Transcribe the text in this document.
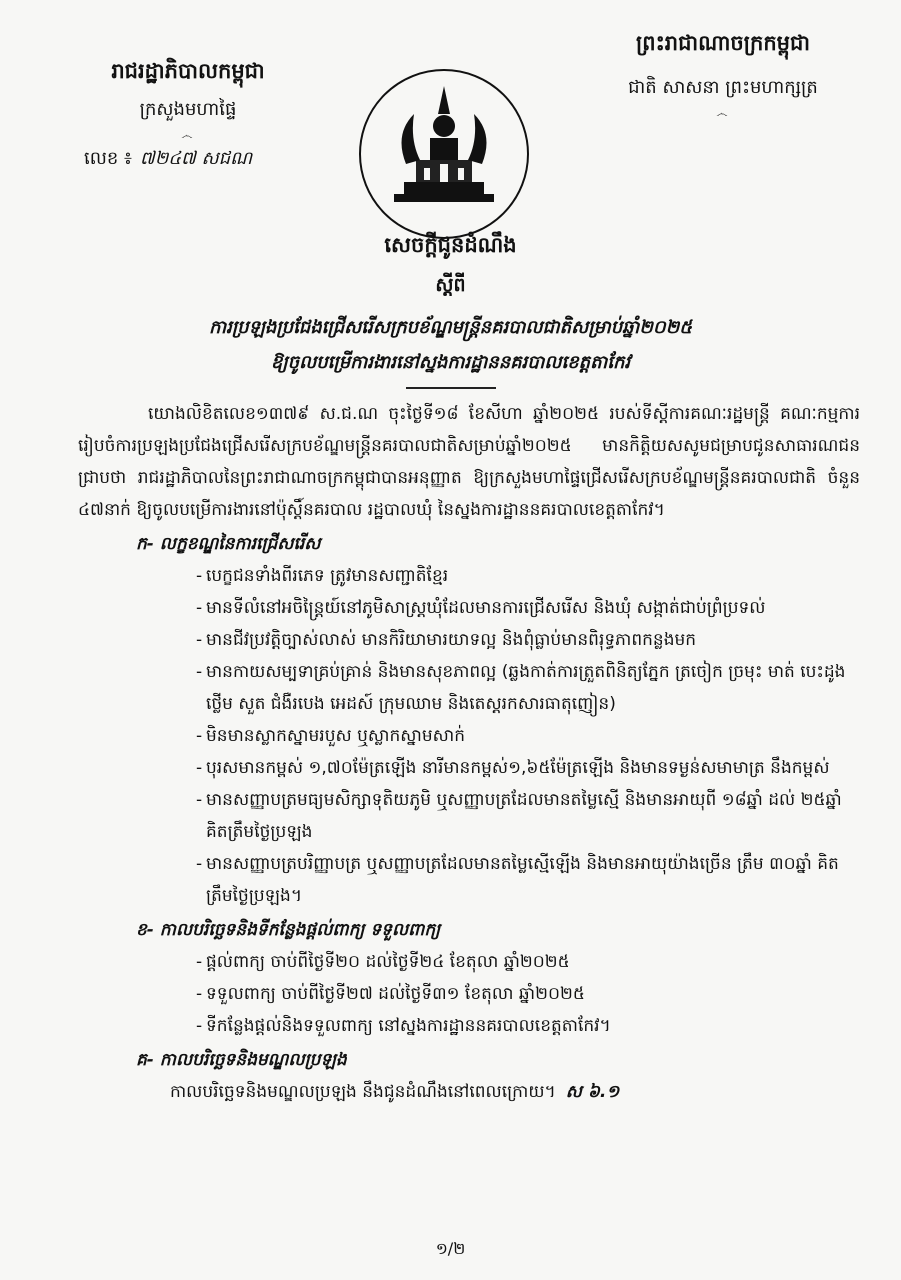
រាជរដ្ឋាភិបាលកម្ពុជា
ក្រសួងមហាផ្ទៃ
෴
លេខ ៖ ៧២៤៧ សជណ
ព្រះរាជាណាចក្រកម្ពុជា
ជាតិ សាសនា ព្រះមហាក្សត្រ
෴
សេចក្តីជូនដំណឹង
ស្តីពី
ការប្រឡងប្រជែងជ្រើសរើសក្របខ័ណ្ឌមន្ត្រីនគរបាលជាតិសម្រាប់ឆ្នាំ២០២៥
ឱ្យចូលបម្រើការងារនៅស្នងការដ្ឋាននគរបាលខេត្តតាកែវ
យោងលិខិតលេខ១៣៧៩ ស.ជ.ណ ចុះថ្ងៃទី១៨ ខែសីហា ឆ្នាំ២០២៥ របស់ទីស្តីការគណៈរដ្ឋមន្ត្រី គណៈកម្មការរៀបចំការប្រឡងប្រជែងជ្រើសរើសក្របខ័ណ្ឌមន្ត្រីនគរបាលជាតិសម្រាប់ឆ្នាំ២០២៥ មានកិត្តិយសសូមជម្រាបជូនសាធារណជនជ្រាបថា រាជរដ្ឋាភិបាលនៃព្រះរាជាណាចក្រកម្ពុជាបានអនុញ្ញាត ឱ្យក្រសួងមហាផ្ទៃជ្រើសរើសក្របខ័ណ្ឌមន្ត្រីនគរបាលជាតិ ចំនួន ៤៧នាក់ ឱ្យចូលបម្រើការងារនៅប៉ុស្តិ៍នគរបាល រដ្ឋបាលឃុំ នៃស្នងការដ្ឋាននគរបាលខេត្តតាកែវ។
ក- លក្ខខណ្ឌនៃការជ្រើសរើស
- បេក្ខជនទាំងពីរភេទ ត្រូវមានសញ្ជាតិខ្មែរ
- មានទីលំនៅអចិន្ត្រៃយ៍នៅភូមិសាស្ត្រឃុំដែលមានការជ្រើសរើស និងឃុំ សង្កាត់ជាប់ព្រំប្រទល់
- មានជីវប្រវត្តិច្បាស់លាស់ មានកិរិយាមារយាទល្អ និងពុំធ្លាប់មានពិរុទ្ធភាពកន្លងមក
- មានកាយសម្បទាគ្រប់គ្រាន់ និងមានសុខភាពល្អ (ឆ្លងកាត់ការត្រួតពិនិត្យភ្នែក ត្រចៀក ច្រមុះ មាត់ បេះដូង ថ្លើម សួត ជំងឺរបេង អេដស៍ ក្រុមឈាម និងតេស្តរកសារធាតុញៀន)
- មិនមានស្លាកស្នាមរបួស ឬស្លាកស្នាមសាក់
- បុរសមានកម្ពស់ ១,៧០ម៉ែត្រឡើង នារីមានកម្ពស់១,៦៥ម៉ែត្រឡើង និងមានទម្ងន់សមាមាត្រ នឹងកម្ពស់
- មានសញ្ញាបត្រមធ្យមសិក្សាទុតិយភូមិ ឬសញ្ញាបត្រដែលមានតម្លៃស្មើ និងមានអាយុពី ១៨ឆ្នាំ ដល់ ២៥ឆ្នាំ គិតត្រឹមថ្ងៃប្រឡង
- មានសញ្ញាបត្របរិញ្ញាបត្រ ឬសញ្ញាបត្រដែលមានតម្លៃស្មើឡើង និងមានអាយុយ៉ាងច្រើន ត្រឹម ៣០ឆ្នាំ គិតត្រឹមថ្ងៃប្រឡង។
ខ- កាលបរិច្ឆេទនិងទីកន្លែងផ្តល់ពាក្យ ទទួលពាក្យ
- ផ្តល់ពាក្យ ចាប់ពីថ្ងៃទី២០ ដល់ថ្ងៃទី២៤ ខែតុលា ឆ្នាំ២០២៥
- ទទួលពាក្យ ចាប់ពីថ្ងៃទី២៧ ដល់ថ្ងៃទី៣១ ខែតុលា ឆ្នាំ២០២៥
- ទីកន្លែងផ្តល់និងទទួលពាក្យ នៅស្នងការដ្ឋាននគរបាលខេត្តតាកែវ។
គ- កាលបរិច្ឆេទនិងមណ្ឌលប្រឡង
កាលបរិច្ឆេទនិងមណ្ឌលប្រឡង នឹងជូនដំណឹងនៅពេលក្រោយ។ ស ៦.១
១/២
